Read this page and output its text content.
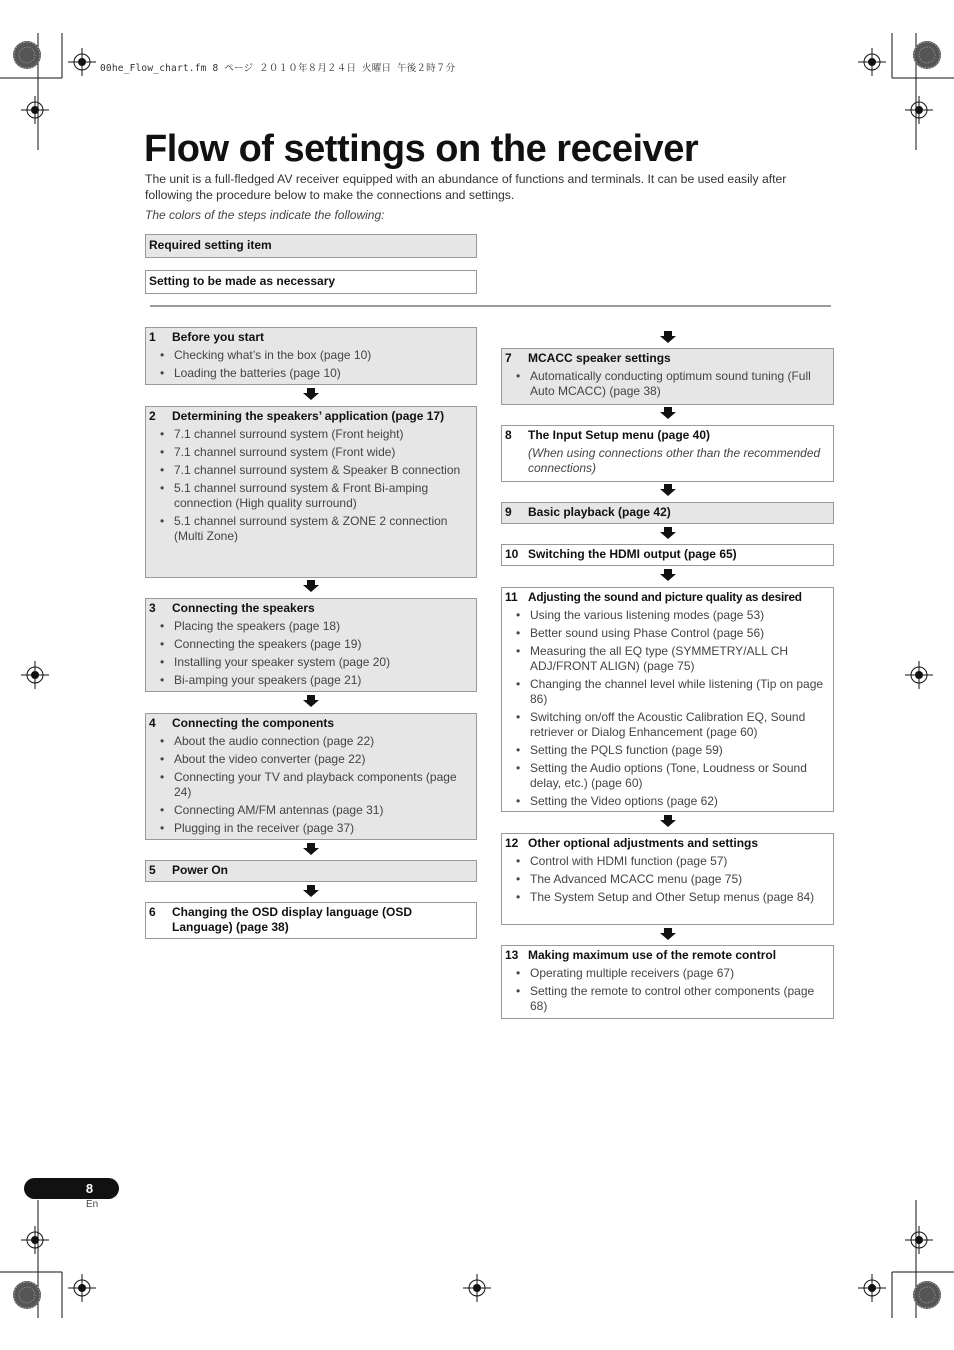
00he_Flow_chart.fm 8 ページ ２０１０年８月２４日 火曜日 午後２時７分
Flow of settings on the receiver

The unit is a full-fledged AV receiver equipped with an abundance of functions and terminals. It can be used easily after following the procedure below to make the connections and settings.

The colors of the steps indicate the following:

Required setting item
Setting to be made as necessary
1	Before you start
• Checking what’s in the box (page 10)
• Loading the batteries (page 10)
2	Determining the speakers’ application (page 17)
• 7.1 channel surround system (Front height)
• 7.1 channel surround system (Front wide)
• 7.1 channel surround system & Speaker B connection
• 5.1 channel surround system & Front Bi-amping connection (High quality surround)
• 5.1 channel surround system & ZONE 2 connection (Multi Zone)
3	Connecting the speakers
• Placing the speakers (page 18)
• Connecting the speakers (page 19)
• Installing your speaker system (page 20)
• Bi-amping your speakers (page 21)
4	Connecting the components
• About the audio connection (page 22)
• About the video converter (page 22)
• Connecting your TV and playback components (page 24)
• Connecting AM/FM antennas (page 31)
• Plugging in the receiver (page 37)
5	Power On
6	Changing the OSD display language (OSD Language) (page 38)
7	MCACC speaker settings
• Automatically conducting optimum sound tuning (Full Auto MCACC) (page 38)
8	The Input Setup menu (page 40)

(When using connections other than the recommended connections)

9	Basic playback (page 42)
10 Switching the HDMI output (page 65)
11 Adjusting the sound and picture quality as desired
• Using the various listening modes (page 53)
• Better sound using Phase Control (page 56)
• Measuring the all EQ type (SYMMETRY/ALL CH ADJ/FRONT ALIGN) (page 75)
• Changing the channel level while listening (Tip on page 86)
• Switching on/off the Acoustic Calibration EQ, Sound retriever or Dialog Enhancement (page 60)
• Setting the PQLS function (page 59)
• Setting the Audio options (Tone, Loudness or Sound delay, etc.) (page 60)
• Setting the Video options (page 62)
12 Other optional adjustments and settings
• Control with HDMI function (page 57)
• The Advanced MCACC menu (page 75)
• The System Setup and Other Setup menus (page 84)
13 Making maximum use of the remote control
• Operating multiple receivers (page 67)
• Setting the remote to control other components (page 68)
8
En
